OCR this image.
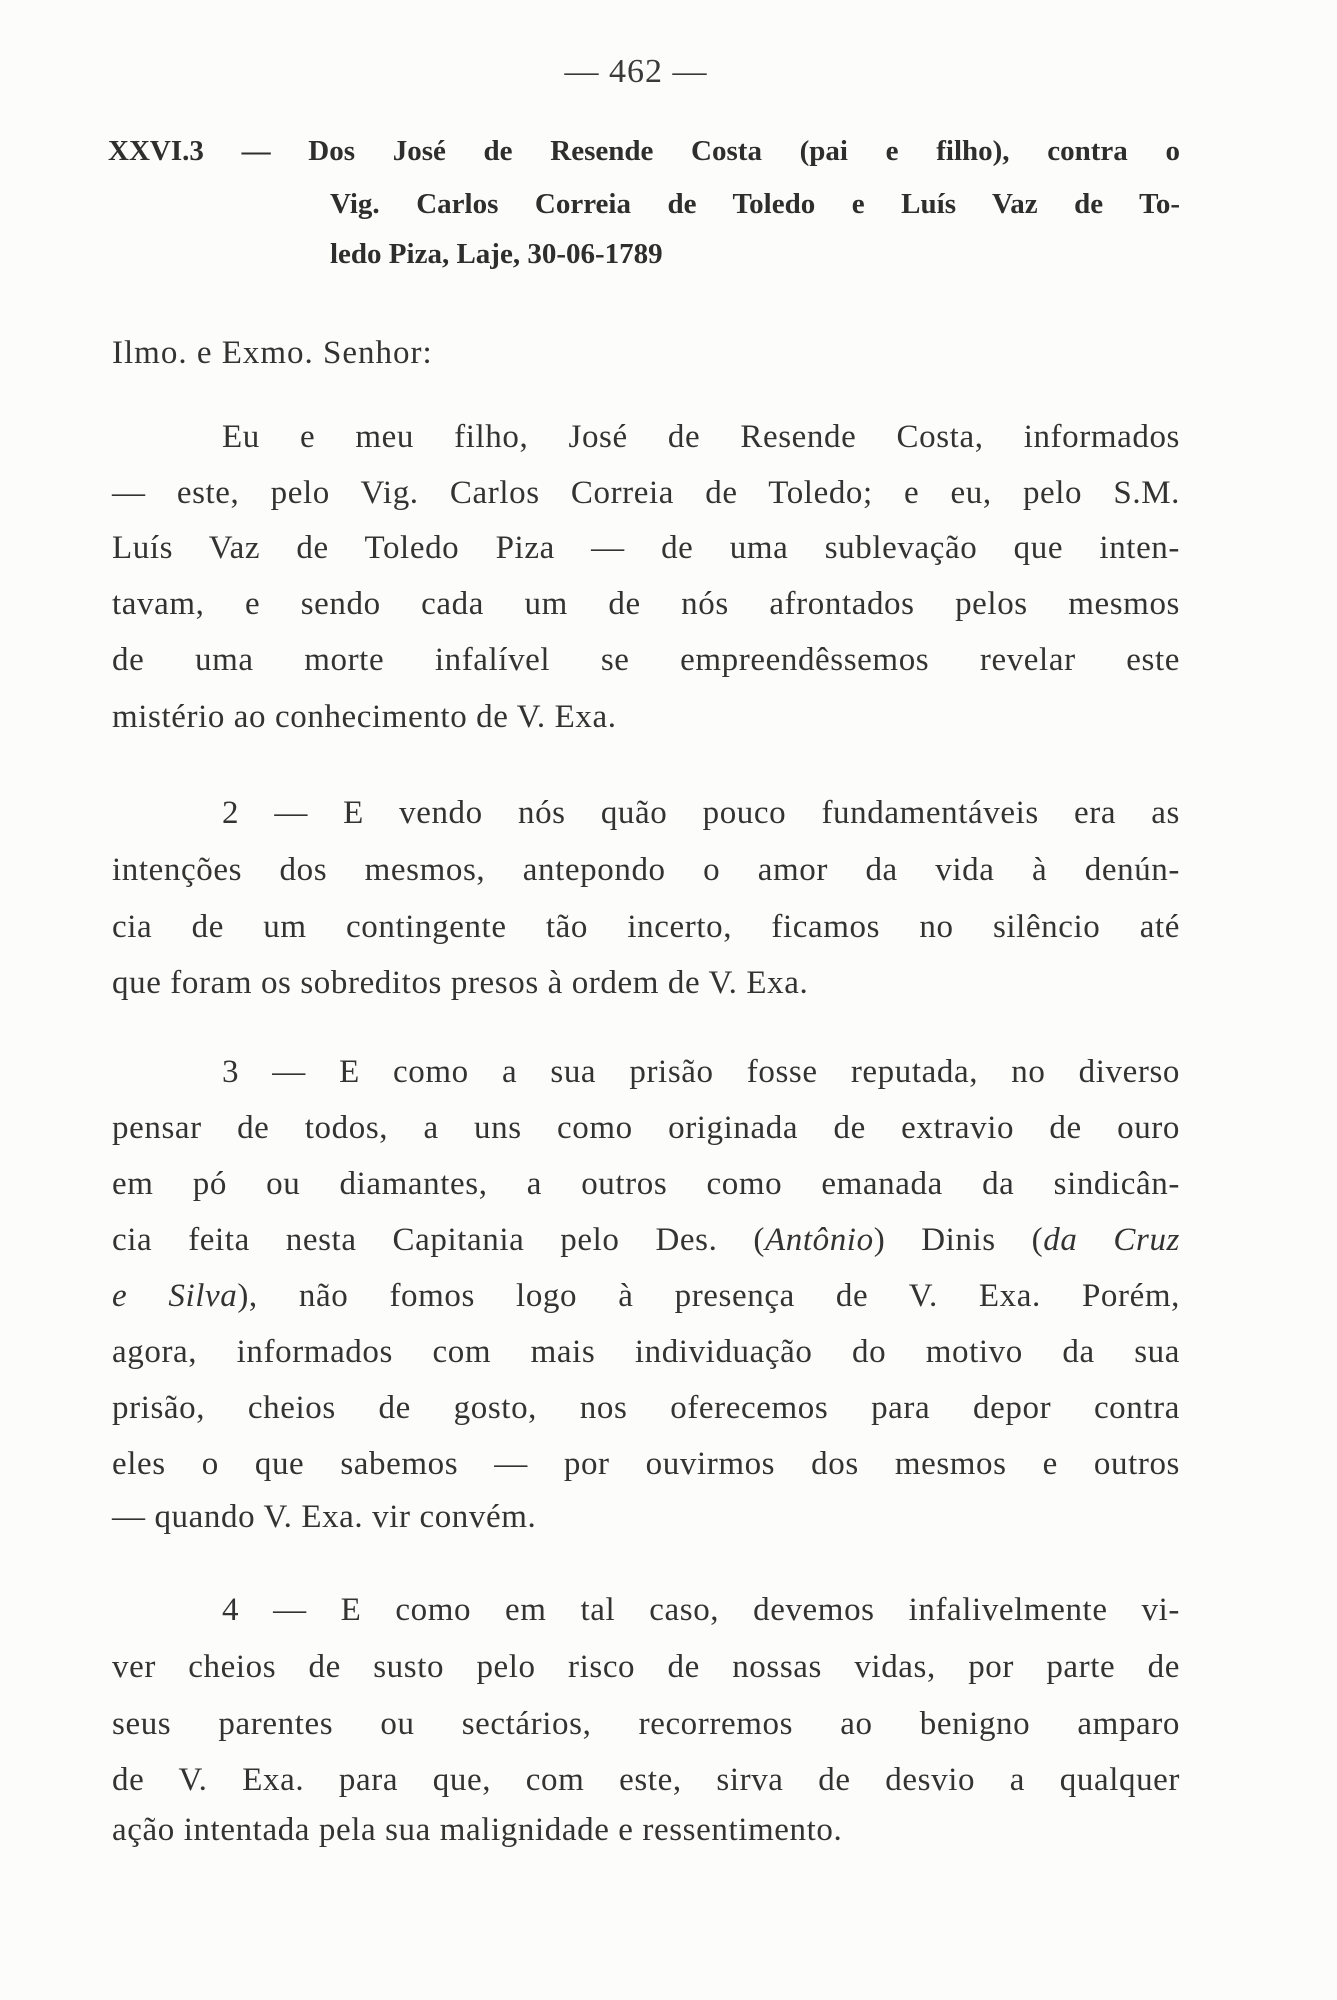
— 462 —
XXVI.3 — Dos José de Resende Costa (pai e filho), contra o
Vig. Carlos Correia de Toledo e Luís Vaz de To-
ledo Piza, Laje, 30-06-1789
Ilmo. e Exmo. Senhor:
Eu e meu filho, José de Resende Costa, informados
— este, pelo Vig. Carlos Correia de Toledo; e eu, pelo S.M.
Luís Vaz de Toledo Piza — de uma sublevação que inten-
tavam, e sendo cada um de nós afrontados pelos mesmos
de uma morte infalível se empreendêssemos revelar este
mistério ao conhecimento de V. Exa.
2 — E vendo nós quão pouco fundamentáveis era as
intenções dos mesmos, antepondo o amor da vida à denún-
cia de um contingente tão incerto, ficamos no silêncio até
que foram os sobreditos presos à ordem de V. Exa.
3 — E como a sua prisão fosse reputada, no diverso
pensar de todos, a uns como originada de extravio de ouro
em pó ou diamantes, a outros como emanada da sindicân-
cia feita nesta Capitania pelo Des. (Antônio) Dinis (da Cruz
e Silva), não fomos logo à presença de V. Exa. Porém,
agora, informados com mais individuação do motivo da sua
prisão, cheios de gosto, nos oferecemos para depor contra
eles o que sabemos — por ouvirmos dos mesmos e outros
— quando V. Exa. vir convém.
4 — E como em tal caso, devemos infalivelmente vi-
ver cheios de susto pelo risco de nossas vidas, por parte de
seus parentes ou sectários, recorremos ao benigno amparo
de V. Exa. para que, com este, sirva de desvio a qualquer
ação intentada pela sua malignidade e ressentimento.
